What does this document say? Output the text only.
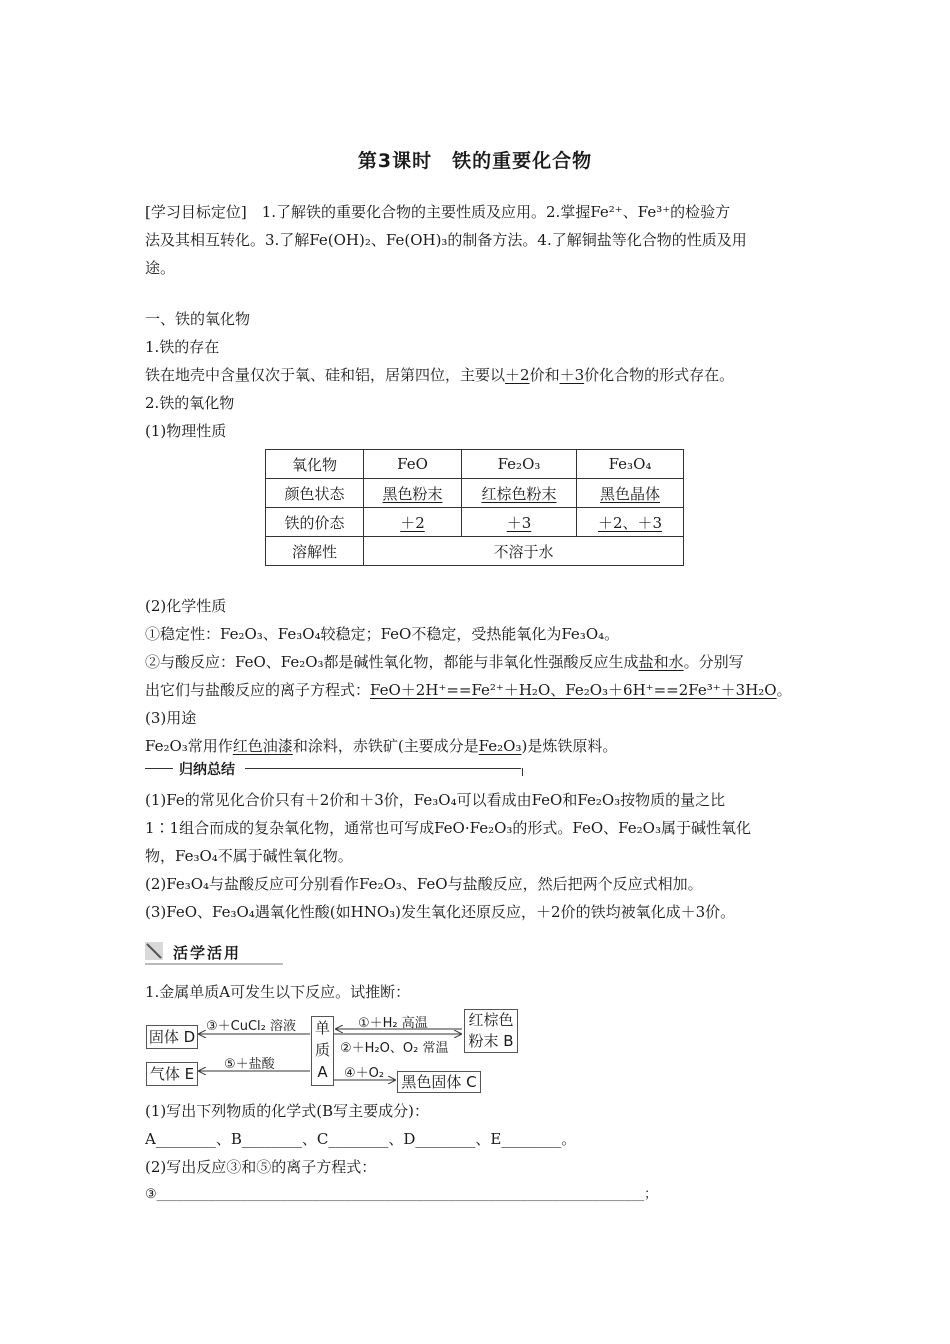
第3课时　铁的重要化合物
[学习目标定位]　1.了解铁的重要化合物的主要性质及应用。2.掌握Fe²⁺、Fe³⁺的检验方
法及其相互转化。3.了解Fe(OH)₂、Fe(OH)₃的制备方法。4.了解铜盐等化合物的性质及用
途。
一、铁的氧化物
1.铁的存在
铁在地壳中含量仅次于氧、硅和铝，居第四位，主要以＋2价和＋3价化合物的形式存在。
2.铁的氧化物
(1)物理性质
氧化物	FeO	Fe₂O₃	Fe₃O₄
颜色状态	黑色粉末	红棕色粉末	黑色晶体
铁的价态	＋2	＋3	＋2、＋3
溶解性	不溶于水		
(2)化学性质
①稳定性：Fe₂O₃、Fe₃O₄较稳定；FeO不稳定，受热能氧化为Fe₃O₄。
②与酸反应：FeO、Fe₂O₃都是碱性氧化物，都能与非氧化性强酸反应生成盐和水。分别写
出它们与盐酸反应的离子方程式：FeO＋2H⁺==Fe²⁺＋H₂O、Fe₂O₃＋6H⁺==2Fe³⁺＋3H₂O。
(3)用途
Fe₂O₃常用作红色油漆和涂料，赤铁矿(主要成分是Fe₂O₃)是炼铁原料。
归纳总结
(1)Fe的常见化合价只有＋2价和＋3价，Fe₃O₄可以看成由FeO和Fe₂O₃按物质的量之比
1∶1组合而成的复杂氧化物，通常也可写成FeO·Fe₂O₃的形式。FeO、Fe₂O₃属于碱性氧化
物，Fe₃O₄不属于碱性氧化物。
(2)Fe₃O₄与盐酸反应可分别看作Fe₂O₃、FeO与盐酸反应，然后把两个反应式相加。
(3)FeO、Fe₃O₄遇氧化性酸(如HNO₃)发生氧化还原反应，＋2价的铁均被氧化成＋3价。
活学活用
1.金属单质A可发生以下反应。试推断：
固体 D
气体 E
单质A
红棕色
粉末 B
黑色固体 C
③＋CuCl₂ 溶液
⑤＋盐酸
①＋H₂ 高温
②＋H₂O、O₂ 常温
④＋O₂
(1)写出下列物质的化学式(B写主要成分)：
A________、B________、C________、D________、E________。
(2)写出反应③和⑤的离子方程式：
③___________________________________________________________________________；
